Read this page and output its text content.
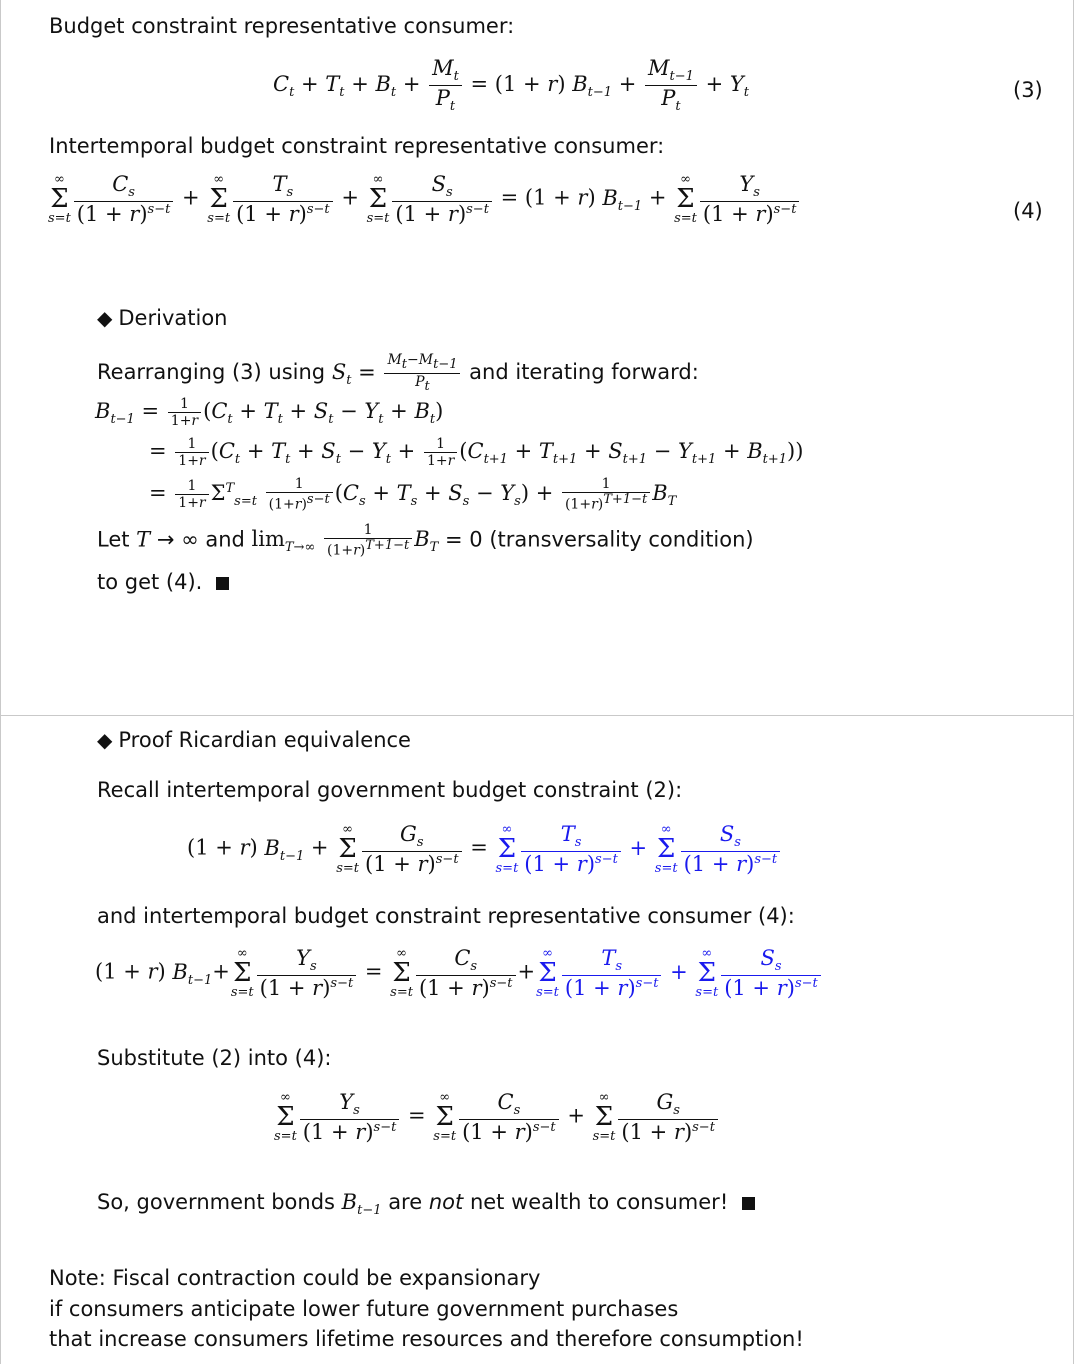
Budget constraint representative consumer:
$C_t + T_t + B_t + \frac{M_t}{P_t} = (1 + r) B_{t-1} + \frac{M_{t-1}}{P_t} + Y_t$	(3)
Intertemporal budget constraint representative consumer:
∞
Σ
$s=t \frac{C_s}{(1 + r)^{s-t}}$ +
∞
Σ
$s=t \frac{T_s}{(1 + r)^{s-t}}$ +
∞
Σ
$s=t \frac{S_s}{(1 + r)^{s-t}} = (1 + r) B_{t-1}$ +
∞
Σ
$s=t \frac{Y_s}{(1 + r)^{s-t}}$	(4)
◆ Derivation
Rearranging (3) using $S_t = \frac{M_t-M_{t-1}}{P_t}$ and iterating forward:
$B_{t-1} = \frac{1}{1+r} (C_t + T_t + S_t - Y_t + B_t)$
= $\frac{1}{1+r} (C_t + T_t + S_t - Y_t + \frac{1}{1+r} (C_{t+1} + T_{t+1} + S_{t+1} - Y_{t+1} + B_{t+1}))$
= $\frac{1}{1+r} \Sigma^T_{s=t} \frac{1}{(1+r)^{s-t}} (C_s + T_s + S_s - Y_s) + \frac{1}{(1+r)^{T+1-t}} B_T$
Let T → ∞ and $\lim_{T\to\infty} \frac{1}{(1+r)^{T+1-t}} B_T = 0$ (transversality condition)
to get (4).
◆ Proof Ricardian equivalence
Recall intertemporal government budget constraint (2):
(1 + r) $B_{t-1}$ +
∞
Σ
$s=t \frac{G_s}{(1 + r)^{s-t}}$ =
∞
Σ
$s=t \frac{T_s}{(1 + r)^{s-t}}$ +
∞
Σ
$s=t \frac{S_s}{(1 + r)^{s-t}}$
and intertemporal budget constraint representative consumer (4):
(1 + r) $B_{t-1}+$
∞
Σ
$s=t \frac{Y_s}{(1 + r)^{s-t}}$ =
∞
Σ
$s=t \frac{C_s}{(1 + r)^{s-t}}$ +
∞
Σ
$s=t \frac{T_s}{(1 + r)^{s-t}}$ +
∞
Σ
$s=t \frac{S_s}{(1 + r)^{s-t}}$
Substitute (2) into (4):
∞
Σ
$s=t \frac{Y_s}{(1 + r)^{s-t}}$ =
∞
Σ
$s=t \frac{C_s}{(1 + r)^{s-t}}$ +
∞
Σ
$s=t \frac{G_s}{(1 + r)^{s-t}}$
So, government bonds $B_{t-1}$ are not net wealth to consumer!
Note: Fiscal contraction could be expansionary
if consumers anticipate lower future government purchases
that increase consumers lifetime resources and therefore consumption!
